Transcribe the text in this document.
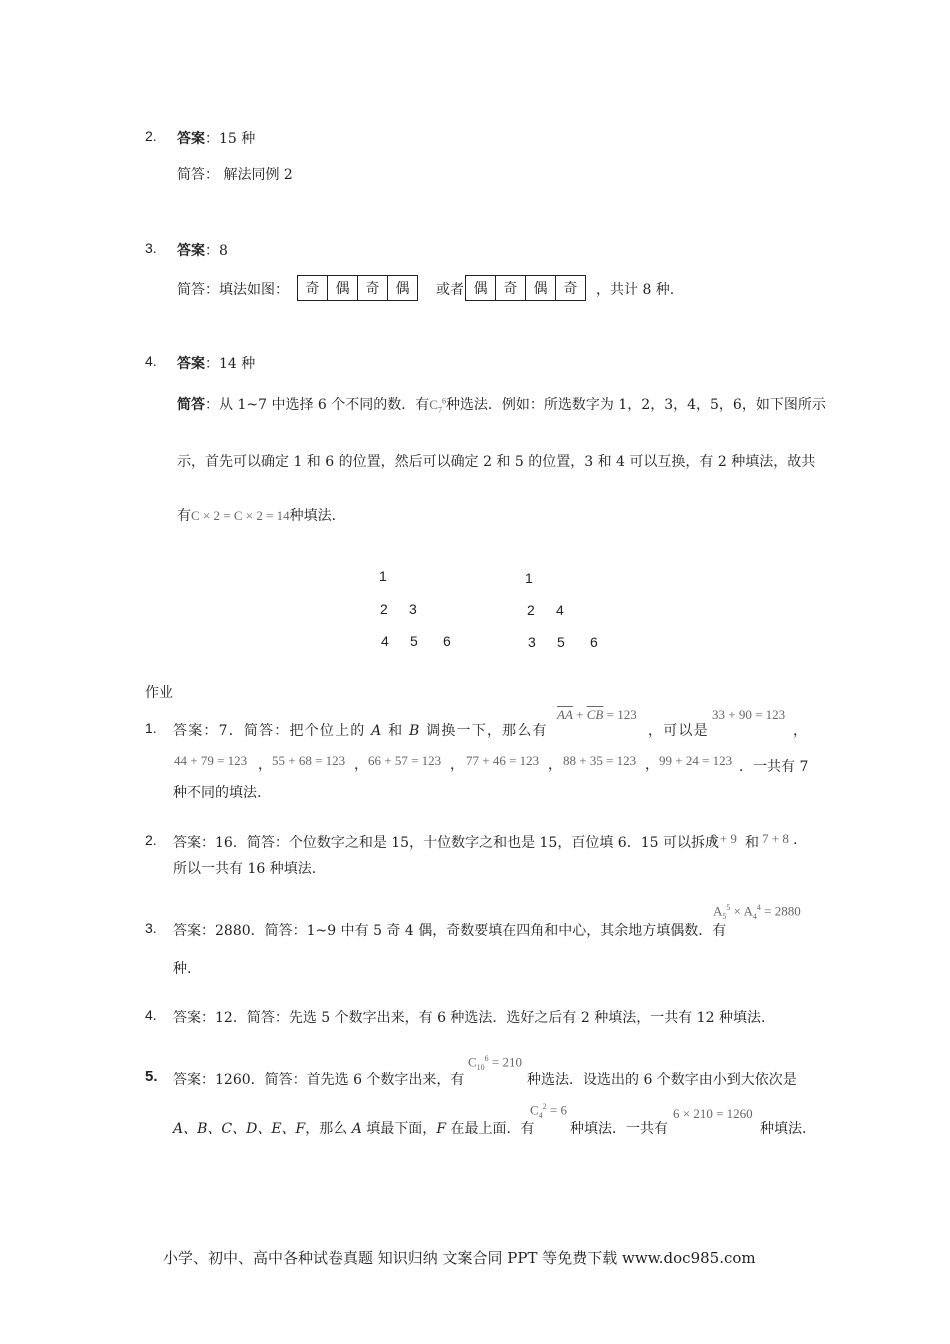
2. 答案：15 种
简答： 解法同例 2
3. 答案：8
简答：填法如图： 奇	偶	奇	偶 或者 偶	奇	偶	奇 ，共计 8 种.
4. 答案：14 种
简答：从 1~7 中选择 6 个不同的数．有$C_7^6$种选法．例如：所选数字为 1，2，3，4，5，6，如下图所示
示，首先可以确定 1 和 6 的位置，然后可以确定 2 和 5 的位置，3 和 4 可以互换，有 2 种填法，故共
有C × 2 = C × 2 = 14种填法.
1
2 3
4 5 6
1
2 4
3 5 6
作业
1. 答案：7．简答：把个位上的 A 和 B 调换一下，那么有
$\overline{AA} + \overline{CB} = 123$
，可以是
33 + 90 = 123
，
44 + 79 = 123 ， 55 + 68 = 123 ， 66 + 57 = 123 ， 77 + 46 = 123 ， 88 + 35 = 123 ， 99 + 24 = 123 ．一共有 7
种不同的填法.
2. 答案：16．简答：个位数字之和是 15，十位数字之和也是 15，百位填 6．15 可以拆成
6 + 9 和 7 + 8 .
所以一共有 16 种填法.
3. 答案：2880．简答：1~9 中有 5 奇 4 偶，奇数要填在四角和中心，其余地方填偶数．有
$A_5^5 \times A_4^4 = 2880$
种.
4. 答案：12．简答：先选 5 个数字出来，有 6 种选法．选好之后有 2 种填法，一共有 12 种填法.
5. 答案：1260．简答：首先选 6 个数字出来，有
$C_{10}^6 = 210$
种选法．设选出的 6 个数字由小到大依次是
A、B、C、D、E、F，那么 A 填最下面，F 在最上面．有
$C_4^2 = 6$
种填法．一共有
6 × 210 = 1260
种填法.
小学、初中、高中各种试卷真题 知识归纳 文案合同 PPT 等免费下载 www.doc985.com
